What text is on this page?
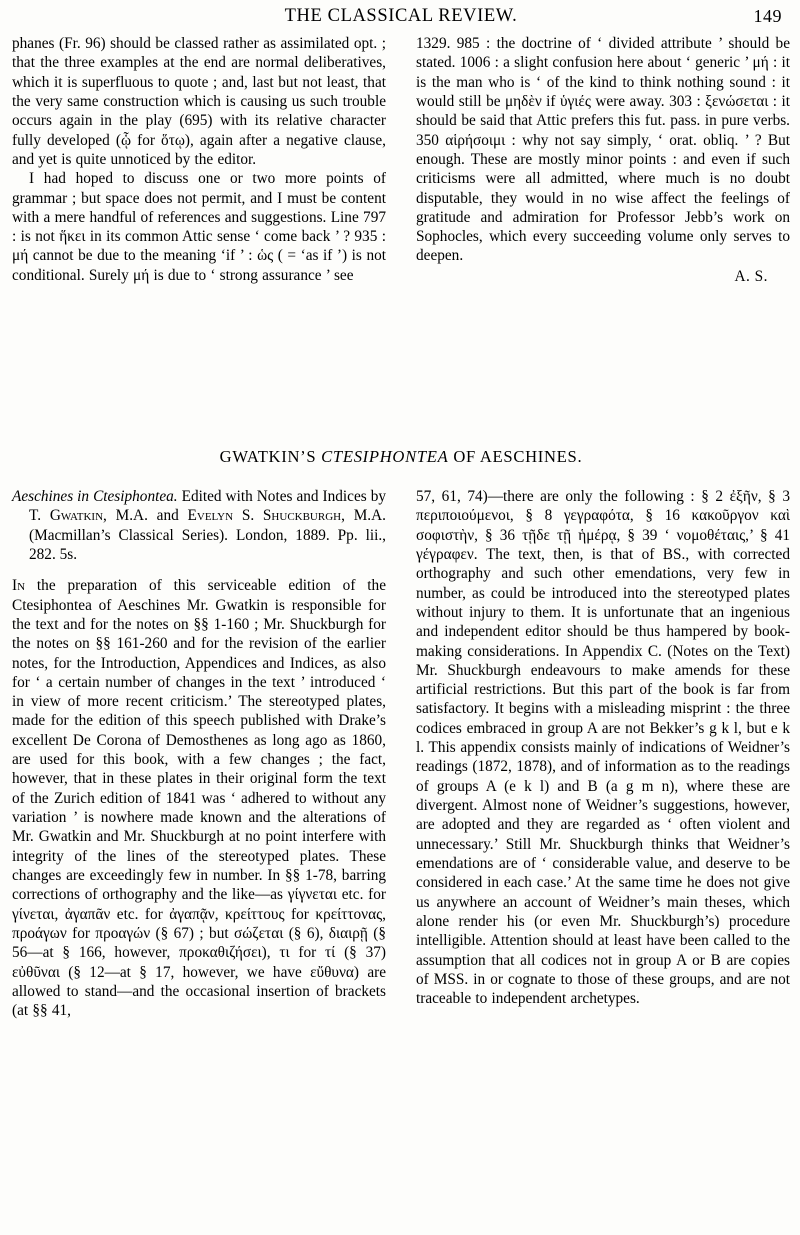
THE CLASSICAL REVIEW.	149

phanes (Fr. 96) should be classed rather as assimilated opt. ; that the three examples at the end are normal deliberatives, which it is superfluous to quote ; and, last but not least, that the very same construction which is causing us such trouble occurs again in the play (695) with its relative character fully developed (ᾧ for ὅτῳ), again after a negative clause, and yet is quite unnoticed by the editor.

I had hoped to discuss one or two more points of grammar ; but space does not permit, and I must be content with a mere handful of references and suggestions. Line 797 : is not ἥκει in its common Attic sense ‘ come back ’ ? 935 : μή cannot be due to the meaning ‘if ’ : ὡς ( = ‘as if ’) is not conditional. Surely μή is due to ‘ strong assurance ’ see

1329. 985 : the doctrine of ‘ divided attribute ’ should be stated. 1006 : a slight confusion here about ‘ generic ’ μή : it is the man who is ‘ of the kind to think nothing sound : it would still be μηδὲν if ὑγιές were away. 303 : ξενώσεται : it should be said that Attic prefers this fut. pass. in pure verbs. 350 αἱρήσοιμι : why not say simply, ‘ orat. obliq. ’ ? But enough. These are mostly minor points : and even if such criticisms were all admitted, where much is no doubt disputable, they would in no wise affect the feelings of gratitude and admiration for Professor Jebb’s work on Sophocles, which every succeeding volume only serves to deepen.

A. S.
GWATKIN’S CTESIPHONTEA OF AESCHINES.
Aeschines in Ctesiphontea. Edited with Notes and Indices by T. Gwatkin, M.A. and Evelyn S. Shuckburgh, M.A. (Macmillan’s Classical Series). London, 1889. Pp. lii., 282. 5s.

In the preparation of this serviceable edition of the Ctesiphontea of Aeschines Mr. Gwatkin is responsible for the text and for the notes on §§ 1-160 ; Mr. Shuckburgh for the notes on §§ 161-260 and for the revision of the earlier notes, for the Introduction, Appendices and Indices, as also for ‘ a certain number of changes in the text ’ introduced ‘ in view of more recent criticism.’ The stereotyped plates, made for the edition of this speech published with Drake’s excellent De Corona of Demosthenes as long ago as 1860, are used for this book, with a few changes ; the fact, however, that in these plates in their original form the text of the Zurich edition of 1841 was ‘ adhered to without any variation ’ is nowhere made known and the alterations of Mr. Gwatkin and Mr. Shuckburgh at no point interfere with integrity of the lines of the stereotyped plates. These changes are exceedingly few in number. In §§ 1-78, barring corrections of orthography and the like—as γίγνεται etc. for γίνεται, ἀγαπᾶν etc. for ἀγαπᾷν, κρείττους for κρείττονας, προάγων for προαγών (§ 67) ; but σώζεται (§ 6), διαιρῇ (§ 56—at § 166, however, προκαθιζήσει), τι for τί (§ 37) εὐθῦναι (§ 12—at § 17, however, we have εὔθυνα) are allowed to stand—and the occasional insertion of brackets (at §§ 41,

57, 61, 74)—there are only the following : § 2 ἐξῆν, § 3 περιποιούμενοι, § 8 γεγραφότα, § 16 κακοῦργον καὶ σοφιστὴν, § 36 τῇδε τῇ ἡμέρᾳ, § 39 ‘ νομοθέταις,’ § 41 γέγραφεν. The text, then, is that of BS., with corrected orthography and such other emendations, very few in number, as could be introduced into the stereotyped plates without injury to them. It is unfortunate that an ingenious and independent editor should be thus hampered by book-making considerations. In Appendix C. (Notes on the Text) Mr. Shuckburgh endeavours to make amends for these artificial restrictions. But this part of the book is far from satisfactory. It begins with a misleading misprint : the three codices embraced in group A are not Bekker’s g k l, but e k l. This appendix consists mainly of indications of Weidner’s readings (1872, 1878), and of information as to the readings of groups A (e k l) and B (a g m n), where these are divergent. Almost none of Weidner’s suggestions, however, are adopted and they are regarded as ‘ often violent and unnecessary.’ Still Mr. Shuckburgh thinks that Weidner’s emendations are of ‘ considerable value, and deserve to be considered in each case.’ At the same time he does not give us anywhere an account of Weidner’s main theses, which alone render his (or even Mr. Shuckburgh’s) procedure intelligible. Attention should at least have been called to the assumption that all codices not in group A or B are copies of MSS. in or cognate to those of these groups, and are not traceable to independent archetypes.
